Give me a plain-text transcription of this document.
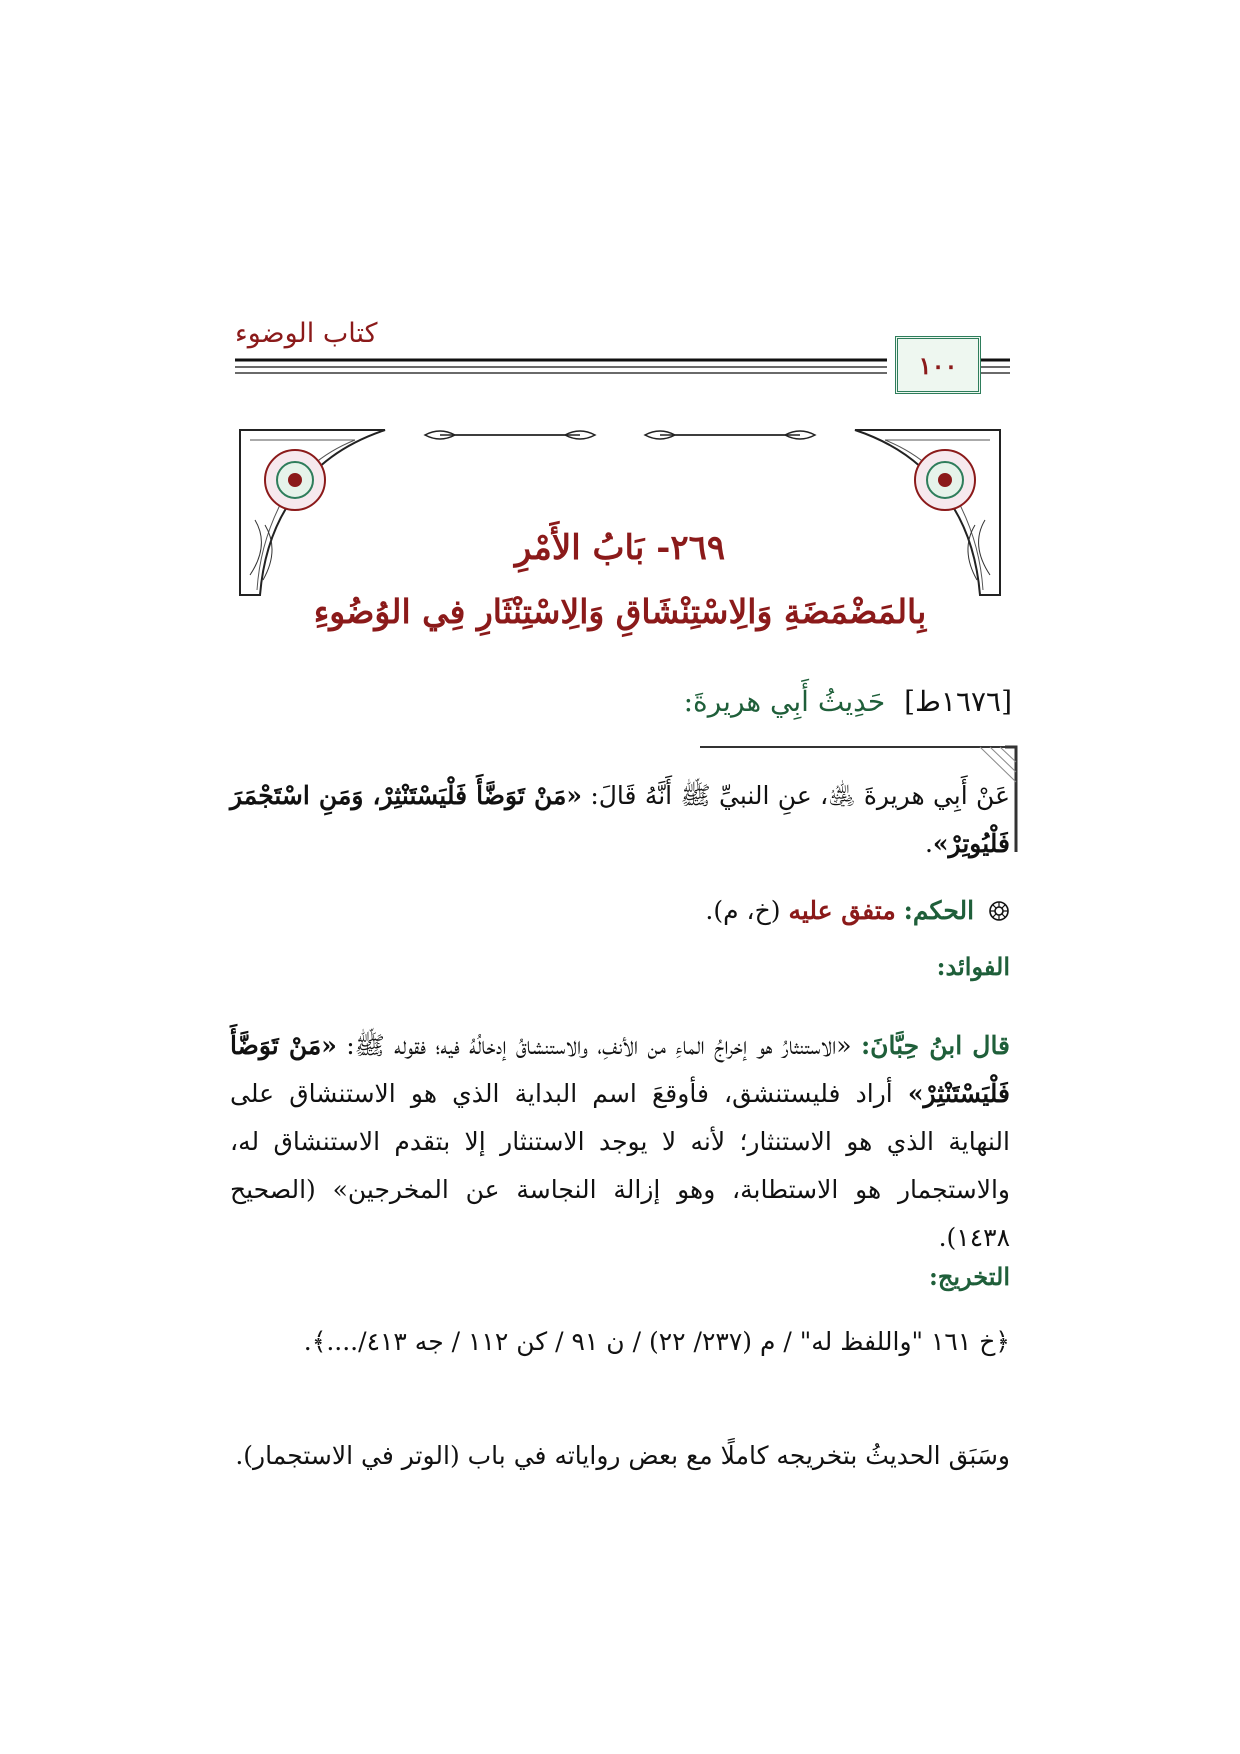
كتاب الوضوء
١٠٠
٢٦٩- بَابُ الأَمْرِ
بِالمَضْمَضَةِ وَالِاسْتِنْشَاقِ وَالِاسْتِنْثَارِ فِي الوُضُوءِ
[١٦٧٦ط] حَدِيثُ أَبِي هريرةَ:
عَنْ أَبِي هريرةَ ﵁، عنِ النبيِّ ﷺ أَنَّهُ قَالَ: «مَنْ تَوَضَّأَ فَلْيَسْتَنْثِرْ، وَمَنِ اسْتَجْمَرَ فَلْيُوتِرْ».
الحكم: متفق عليه (خ، م).
الفوائد:
قال ابنُ حِبَّانَ: «الاستنثارُ هو إخراجُ الماءِ من الأنفِ، والاستنشاقُ إدخالُهُ فيه؛ فقوله ﷺ: «مَنْ تَوَضَّأَ فَلْيَسْتَنْثِرْ» أراد فليستنشق، فأوقعَ اسم البداية الذي هو الاستنشاق على النهاية الذي هو الاستنثار؛ لأنه لا يوجد الاستنثار إلا بتقدم الاستنشاق له، والاستجمار هو الاستطابة، وهو إزالة النجاسة عن المخرجين» (الصحيح ١٤٣٨).
التخريج:
﴿خ ١٦١ "واللفظ له" / م (٢٣٧/ ٢٢) / ن ٩١ / كن ١١٢ / جه ٤١٣/....﴾.
وسَبَق الحديثُ بتخريجه كاملًا مع بعض رواياته في باب (الوتر في الاستجمار).
